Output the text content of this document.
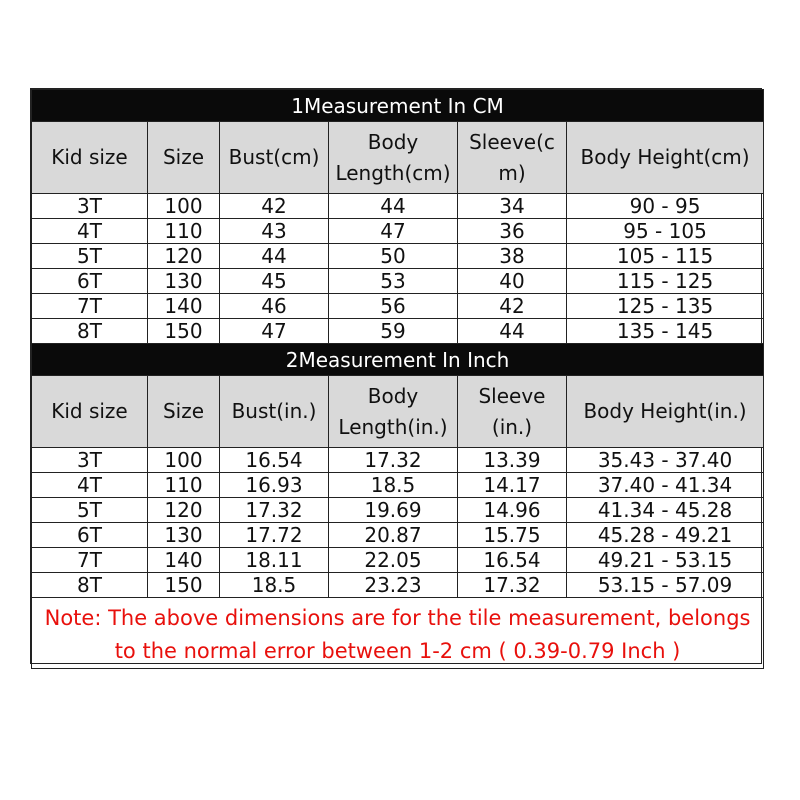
1Measurement In CM					
Kid size	Size	Bust(cm)	Body Length(cm)	Sleeve(cm)	Body Height(cm)
3T	100	42	44	34	90 - 95
4T	110	43	47	36	95 - 105
5T	120	44	50	38	105 - 115
6T	130	45	53	40	115 - 125
7T	140	46	56	42	125 - 135
8T	150	47	59	44	135 - 145
2Measurement In Inch					
Kid size	Size	Bust(in.)	Body Length(in.)	Sleeve (in.)	Body Height(in.)
3T	100	16.54	17.32	13.39	35.43 - 37.40
4T	110	16.93	18.5	14.17	37.40 - 41.34
5T	120	17.32	19.69	14.96	41.34 - 45.28
6T	130	17.72	20.87	15.75	45.28 - 49.21
7T	140	18.11	22.05	16.54	49.21 - 53.15
8T	150	18.5	23.23	17.32	53.15 - 57.09
Note: The above dimensions are for the tile measurement, belongs to the normal error between 1-2 cm ( 0.39-0.79 Inch )					
